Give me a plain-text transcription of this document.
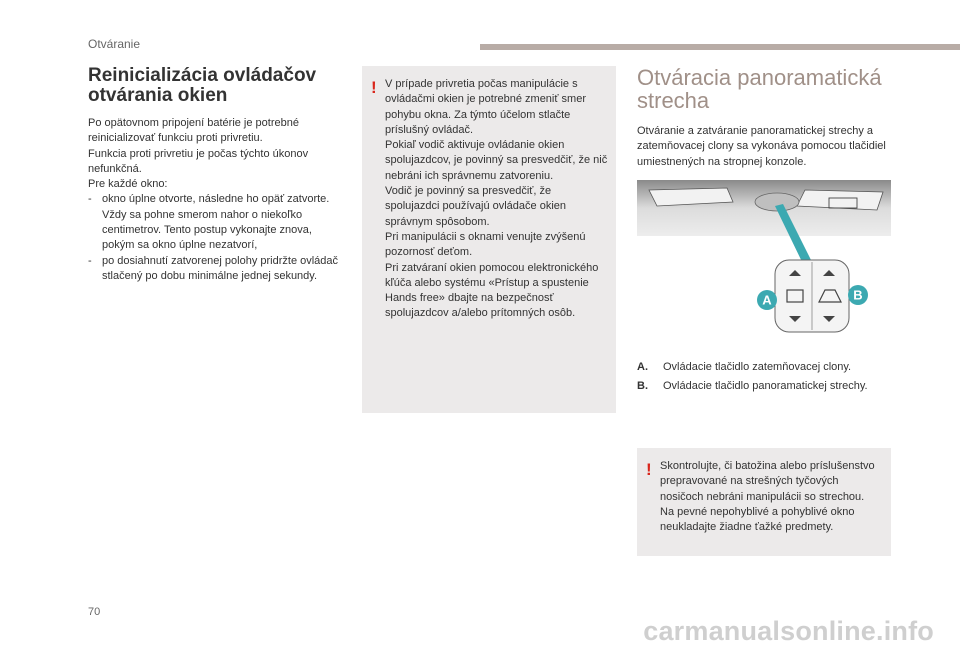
Otváranie
Reinicializácia ovládačov otvárania okien

Po opätovnom pripojení batérie je potrebné reinicializovať funkciu proti privretiu.

Funkcia proti privretiu je počas týchto úkonov nefunkčná.

Pre každé okno:

- okno úplne otvorte, následne ho opäť zatvorte. Vždy sa pohne smerom nahor o niekoľko centimetrov. Tento postup vykonajte znova, pokým sa okno úplne nezatvorí,
- po dosiahnutí zatvorenej polohy pridržte ovládač stlačený po dobu minimálne jednej sekundy.
! V prípade privretia počas manipulácie s ovládačmi okien je potrebné zmeniť smer pohybu okna. Za týmto účelom stlačte príslušný ovládač.

Pokiaľ vodič aktivuje ovládanie okien spolujazdcov, je povinný sa presvedčiť, že nič nebráni ich správnemu zatvoreniu.

Vodič je povinný sa presvedčiť, že spolujazdci používajú ovládače okien správnym spôsobom.

Pri manipulácii s oknami venujte zvýšenú pozornosť deťom.

Pri zatváraní okien pomocou elektronického kľúča alebo systému «Prístup a spustenie Hands free» dbajte na bezpečnosť spolujazdcov a/alebo prítomných osôb.

Otváracia panoramatická strecha
Otváranie a zatváranie panoramatickej strechy a zatemňovacej clony sa vykonáva pomocou tlačidiel umiestnených na stropnej konzole.
A	B
A.	Ovládacie tlačidlo zatemňovacej clony.
B.	Ovládacie tlačidlo panoramatickej strechy.
! Skontrolujte, či batožina alebo príslušenstvo prepravované na strešných tyčových nosičoch nebráni manipulácii so strechou.

Na pevné nepohyblivé a pohyblivé okno neukladajte žiadne ťažké predmety.

70
carmanualsonline.info
